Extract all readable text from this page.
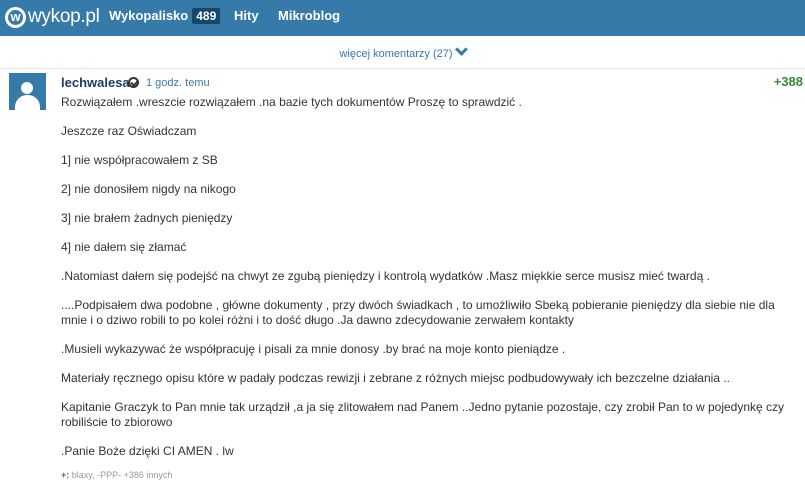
w
wykop.pl Wykopalisko 489	Hity Mikroblog
więcej komentarzy (27)
lechwalesa 1 godz. temu	+388

Rozwiązałem .wreszcie rozwiązałem .na bazie tych dokumentów Proszę to sprawdzić .

Jeszcze raz Oświadczam

1] nie współpracowałem z SB

2] nie donosiłem nigdy na nikogo

3] nie brałem żadnych pieniędzy

4] nie dałem się złamać

.Natomiast dałem się podejść na chwyt ze zgubą pieniędzy i kontrolą wydatków .Masz miękkie serce musisz mieć twardą .

....Podpisałem dwa podobne , główne dokumenty , przy dwóch świadkach , to umożliwiło Sbeką pobieranie pieniędzy dla siebie nie dla mnie i o dziwo robili to po kolei różni i to dość długo .Ja dawno zdecydowanie zerwałem kontakty

.Musieli wykazywać że współpracuję i pisali za mnie donosy .by brać na moje konto pieniądze .

Materiały ręcznego opisu które w padały podczas rewizji i zebrane z różnych miejsc podbudowywały ich bezczelne działania ..

Kapitanie Graczyk to Pan mnie tak urządził ,a ja się zlitowałem nad Panem ..Jedno pytanie pozostaje, czy zrobił Pan to w pojedynkę czy robiliście to zbiorowo

.Panie Boże dzięki CI AMEN . lw

+: blaxy, -PPP- +386 innych
